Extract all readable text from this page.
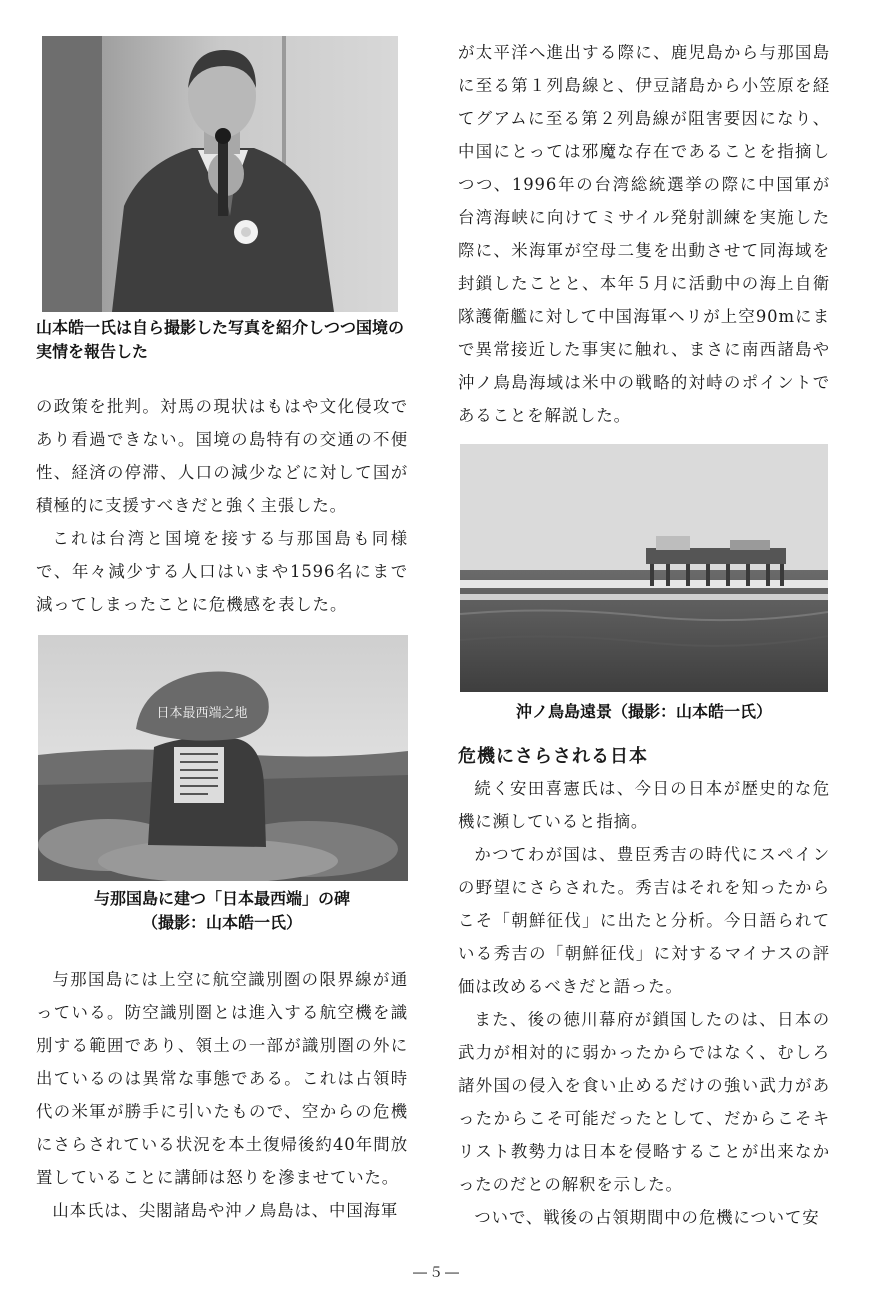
山本皓一氏は自ら撮影した写真を紹介しつつ国境の実情を報告した

の政策を批判。対馬の現状はもはや文化侵攻であり看過できない。国境の島特有の交通の不便性、経済の停滞、人口の減少などに対して国が積極的に支援すべきだと強く主張した。

これは台湾と国境を接する与那国島も同様で、年々減少する人口はいまや1596名にまで減ってしまったことに危機感を表した。

日本最西端之地
与那国島に建つ「日本最西端」の碑
（撮影：山本皓一氏）

与那国島には上空に航空識別圏の限界線が通っている。防空識別圏とは進入する航空機を識別する範囲であり、領土の一部が識別圏の外に出ているのは異常な事態である。これは占領時代の米軍が勝手に引いたもので、空からの危機にさらされている状況を本土復帰後約40年間放置していることに講師は怒りを滲ませていた。

山本氏は、尖閣諸島や沖ノ鳥島は、中国海軍

が太平洋へ進出する際に、鹿児島から与那国島に至る第１列島線と、伊豆諸島から小笠原を経てグアムに至る第２列島線が阻害要因になり、中国にとっては邪魔な存在であることを指摘しつつ、1996年の台湾総統選挙の際に中国軍が台湾海峡に向けてミサイル発射訓練を実施した際に、米海軍が空母二隻を出動させて同海域を封鎖したことと、本年５月に活動中の海上自衛隊護衛艦に対して中国海軍ヘリが上空90mにまで異常接近した事実に触れ、まさに南西諸島や沖ノ鳥島海域は米中の戦略的対峙のポイントであることを解説した。

沖ノ鳥島遠景（撮影：山本皓一氏）
危機にさらされる日本

続く安田喜憲氏は、今日の日本が歴史的な危機に瀕していると指摘。

かつてわが国は、豊臣秀吉の時代にスペインの野望にさらされた。秀吉はそれを知ったからこそ「朝鮮征伐」に出たと分析。今日語られている秀吉の「朝鮮征伐」に対するマイナスの評価は改めるべきだと語った。

また、後の徳川幕府が鎖国したのは、日本の武力が相対的に弱かったからではなく、むしろ諸外国の侵入を食い止めるだけの強い武力があったからこそ可能だったとして、だからこそキリスト教勢力は日本を侵略することが出来なかったのだとの解釈を示した。

ついで、戦後の占領期間中の危機について安

―５―
